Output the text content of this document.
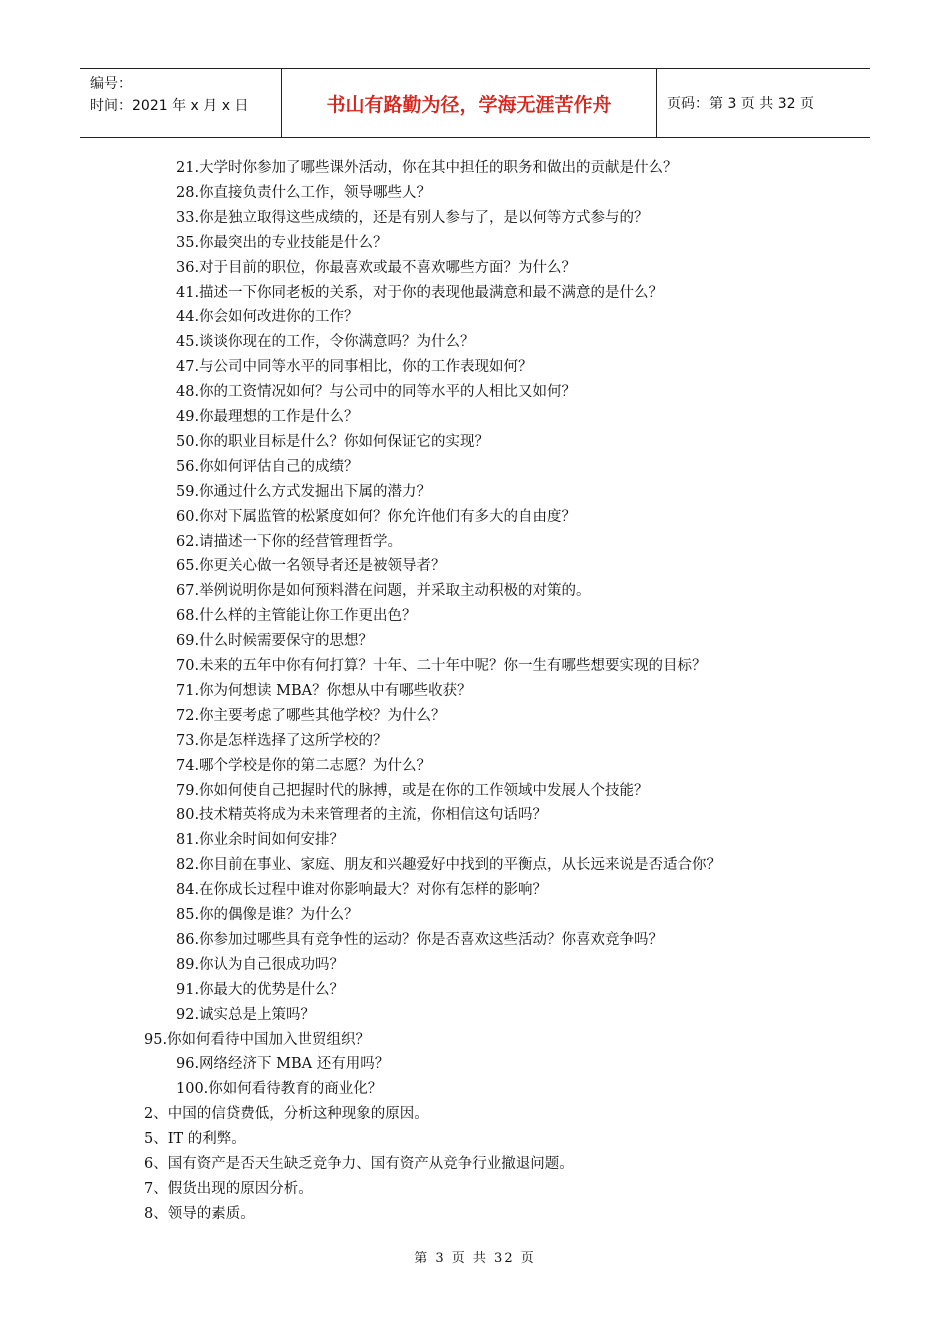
编号：
时间：2021 年 x 月 x 日	书山有路勤为径，学海无涯苦作舟	页码：第 3 页 共 32 页
21.大学时你参加了哪些课外活动，你在其中担任的职务和做出的贡献是什么？
28.你直接负责什么工作，领导哪些人？
33.你是独立取得这些成绩的，还是有别人参与了，是以何等方式参与的？
35.你最突出的专业技能是什么？
36.对于目前的职位，你最喜欢或最不喜欢哪些方面？为什么？
41.描述一下你同老板的关系，对于你的表现他最满意和最不满意的是什么？
44.你会如何改进你的工作？
45.谈谈你现在的工作，令你满意吗？为什么？
47.与公司中同等水平的同事相比，你的工作表现如何？
48.你的工资情况如何？与公司中的同等水平的人相比又如何？
49.你最理想的工作是什么？
50.你的职业目标是什么？你如何保证它的实现？
56.你如何评估自己的成绩？
59.你通过什么方式发掘出下属的潜力？
60.你对下属监管的松紧度如何？你允许他们有多大的自由度？
62.请描述一下你的经营管理哲学。
65.你更关心做一名领导者还是被领导者？
67.举例说明你是如何预料潜在问题，并采取主动积极的对策的。
68.什么样的主管能让你工作更出色？
69.什么时候需要保守的思想？
70.未来的五年中你有何打算？十年、二十年中呢？你一生有哪些想要实现的目标？
71.你为何想读 MBA？你想从中有哪些收获？
72.你主要考虑了哪些其他学校？为什么？
73.你是怎样选择了这所学校的？
74.哪个学校是你的第二志愿？为什么？
79.你如何使自己把握时代的脉搏，或是在你的工作领域中发展人个技能？
80.技术精英将成为未来管理者的主流，你相信这句话吗？
81.你业余时间如何安排？
82.你目前在事业、家庭、朋友和兴趣爱好中找到的平衡点，从长远来说是否适合你？
84.在你成长过程中谁对你影响最大？对你有怎样的影响？
85.你的偶像是谁？为什么？
86.你参加过哪些具有竞争性的运动？你是否喜欢这些活动？你喜欢竞争吗？
89.你认为自己很成功吗？
91.你最大的优势是什么？
92.诚实总是上策吗？
95.你如何看待中国加入世贸组织？
96.网络经济下 MBA 还有用吗？
100.你如何看待教育的商业化？
2、中国的信贷费低，分析这种现象的原因。
5、IT 的利弊。
6、国有资产是否天生缺乏竞争力、国有资产从竞争行业撤退问题。
7、假货出现的原因分析。
8、领导的素质。
第 3 页 共 32 页
